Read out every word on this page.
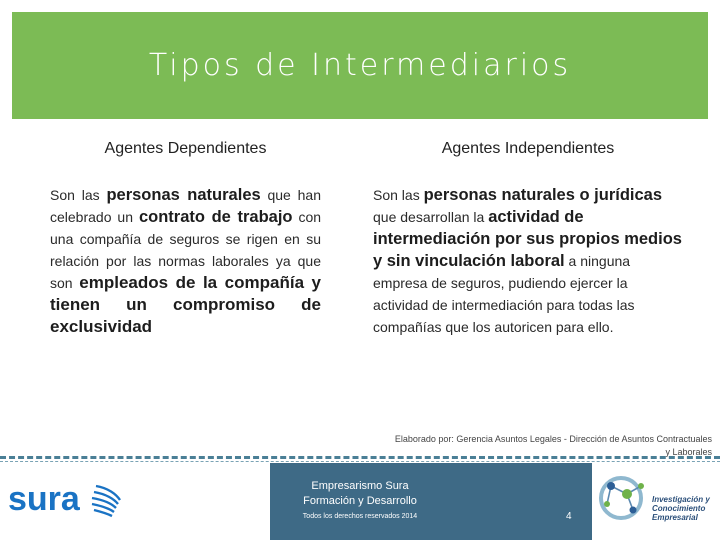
Tipos de Intermediarios
Agentes Dependientes
Son las personas naturales que han celebrado un contrato de trabajo con una compañía de seguros se rigen en su relación por las normas laborales ya que son empleados de la compañía y tienen un compromiso de exclusividad
Agentes Independientes
Son las personas naturales o jurídicas que desarrollan la actividad de intermediación por sus propios medios y sin vinculación laboral a ninguna empresa de seguros, pudiendo ejercer la actividad de intermediación para todas las compañías que los autoricen para ello.
Elaborado por: Gerencia Asuntos Legales - Dirección de Asuntos Contractuales y Laborales
sura	Empresarismo Sura
Formación y Desarrollo
Todos los derechos reservados 2014	4
Investigación y
Conocimiento
Empresarial
